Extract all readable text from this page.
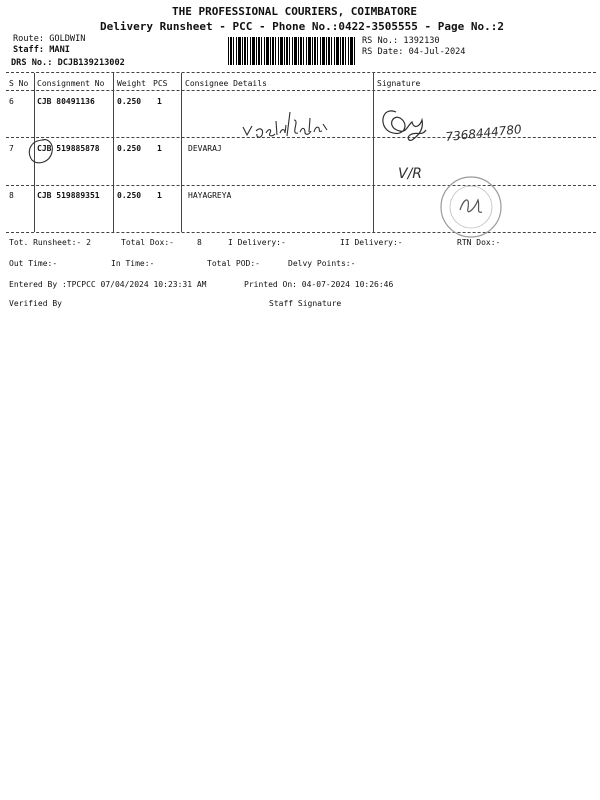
THE PROFESSIONAL COURIERS, COIMBATORE
Delivery Runsheet - PCC - Phone No.:0422-3505555 - Page No.:2
Route: GOLDWIN
Staff: MANI
DRS No.: DCJB139213002
RS No.: 1392130
RS Date: 04-Jul-2024
S No Consignment No Weight PCS Consignee Details	Signature
6	CJB 80491136	0.250 1
7	CJB 519885878 0.250 1	DEVARAJ
8	CJB 519889351 0.250 1	HAYAGREYA
7368444780
V/R
vasuthi
Tot. Runsheet:- 2	Total Dox:-	8	I Delivery:-	II Delivery:-	RTN Dox:-
Out Time:-	In Time:-	Total POD:-	Delvy Points:-
Entered By :TPCPCC 07/04/2024 10:23:31 AM	Printed On: 04-07-2024 10:26:46
Verified By	Staff Signature
